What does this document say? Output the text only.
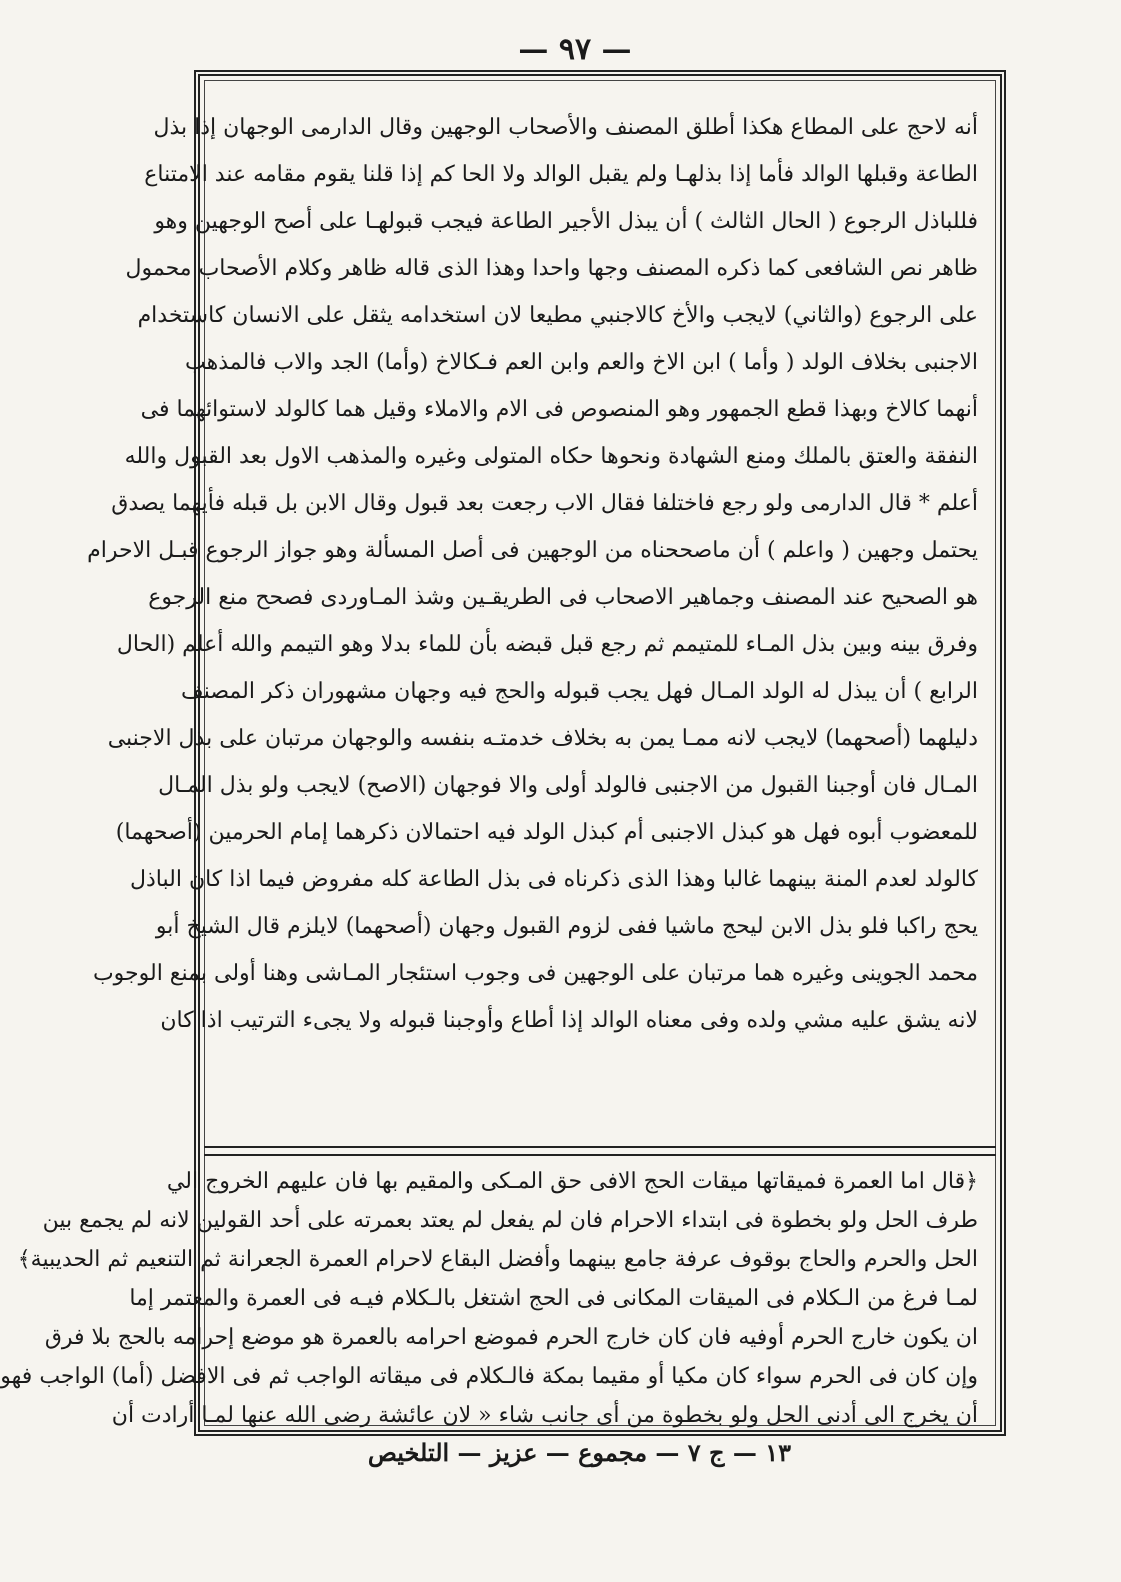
— ٩٧ —
أنه لاحج على المطاع هكذا أطلق المصنف والأصحاب الوجهين وقال الدارمى الوجهان إذا بذل
الطاعة وقبلها الوالد فأما إذا بذلهـا ولم يقبل الوالد ولا الحا كم إذا قلنا يقوم مقامه عند الامتناع
فللباذل الرجوع ( الحال الثالث ) أن يبذل الأجير الطاعة فيجب قبولهـا على أصح الوجهين وهو
ظاهر نص الشافعى كما ذكره المصنف وجها واحدا وهذا الذى قاله ظاهر وكلام الأصحاب محمول
على الرجوع (والثاني) لايجب والأخ كالاجنبي مطيعا لان استخدامه يثقل على الانسان كاستخدام
الاجنبى بخلاف الولد ( وأما ) ابن الاخ والعم وابن العم فـكالاخ (وأما) الجد والاب فالمذهب
أنهما كالاخ وبهذا قطع الجمهور وهو المنصوص فى الام والاملاء وقيل هما كالولد لاستوائهما فى
النفقة والعتق بالملك ومنع الشهادة ونحوها حكاه المتولى وغيره والمذهب الاول بعد القبول والله
أعلم * قال الدارمى ولو رجع فاختلفا فقال الاب رجعت بعد قبول وقال الابن بل قبله فأيهما يصدق
يحتمل وجهين ( واعلم ) أن ماصححناه من الوجهين فى أصل المسألة وهو جواز الرجوع قبـل الاحرام
هو الصحيح عند المصنف وجماهير الاصحاب فى الطريقـين وشذ المـاوردى فصحح منع الرجوع
وفرق بينه وبين بذل المـاء للمتيمم ثم رجع قبل قبضه بأن للماء بدلا وهو التيمم والله أعلم (الحال
الرابع ) أن يبذل له الولد المـال فهل يجب قبوله والحج فيه وجهان مشهوران ذكر المصنف
دليلهما (أصحهما) لايجب لانه ممـا يمن به بخلاف خدمتـه بنفسه والوجهان مرتبان على بذل الاجنبى
المـال فان أوجبنا القبول من الاجنبى فالولد أولى والا فوجهان (الاصح) لايجب ولو بذل المـال
للمعضوب أبوه فهل هو كبذل الاجنبى أم كبذل الولد فيه احتمالان ذكرهما إمام الحرمين (أصحهما)
كالولد لعدم المنة بينهما غالبا وهذا الذى ذكرناه فى بذل الطاعة كله مفروض فيما اذا كان الباذل
يحج راكبا فلو بذل الابن ليحج ماشيا ففى لزوم القبول وجهان (أصحهما) لايلزم قال الشيخ أبو
محمد الجوينى وغيره هما مرتبان على الوجهين فى وجوب استئجار المـاشى وهنا أولى بمنع الوجوب
لانه يشق عليه مشي ولده وفى معناه الوالد إذا أطاع وأوجبنا قبوله ولا يجىء الترتيب اذا كان
﴿قال اما العمرة فميقاتها ميقات الحج الافى حق المـكى والمقيم بها فان عليهم الخروج الي
طرف الحل ولو بخطوة فى ابتداء الاحرام فان لم يفعل لم يعتد بعمرته على أحد القولين لانه لم يجمع بين
الحل والحرم والحاج بوقوف عرفة جامع بينهما وأفضل البقاع لاحرام العمرة الجعرانة ثم التنعيم ثم الحديبية﴾
لمـا فرغ من الـكلام فى الميقات المكانى فى الحج اشتغل بالـكلام فيـه فى العمرة والمعتمر إما
ان يكون خارج الحرم أوفيه فان كان خارج الحرم فموضع احرامه بالعمرة هو موضع إحرامه بالحج بلا فرق
وإن كان فى الحرم سواء كان مكيا أو مقيما بمكة فالـكلام فى ميقاته الواجب ثم فى الافضل (أما) الواجب فهو
أن يخرج الى أدنى الحل ولو بخطوة من أى جانب شاء « لان عائشة رضى الله عنها لمـا أرادت أن
١٣ — ج ٧ — مجموع — عزيز — التلخيص
